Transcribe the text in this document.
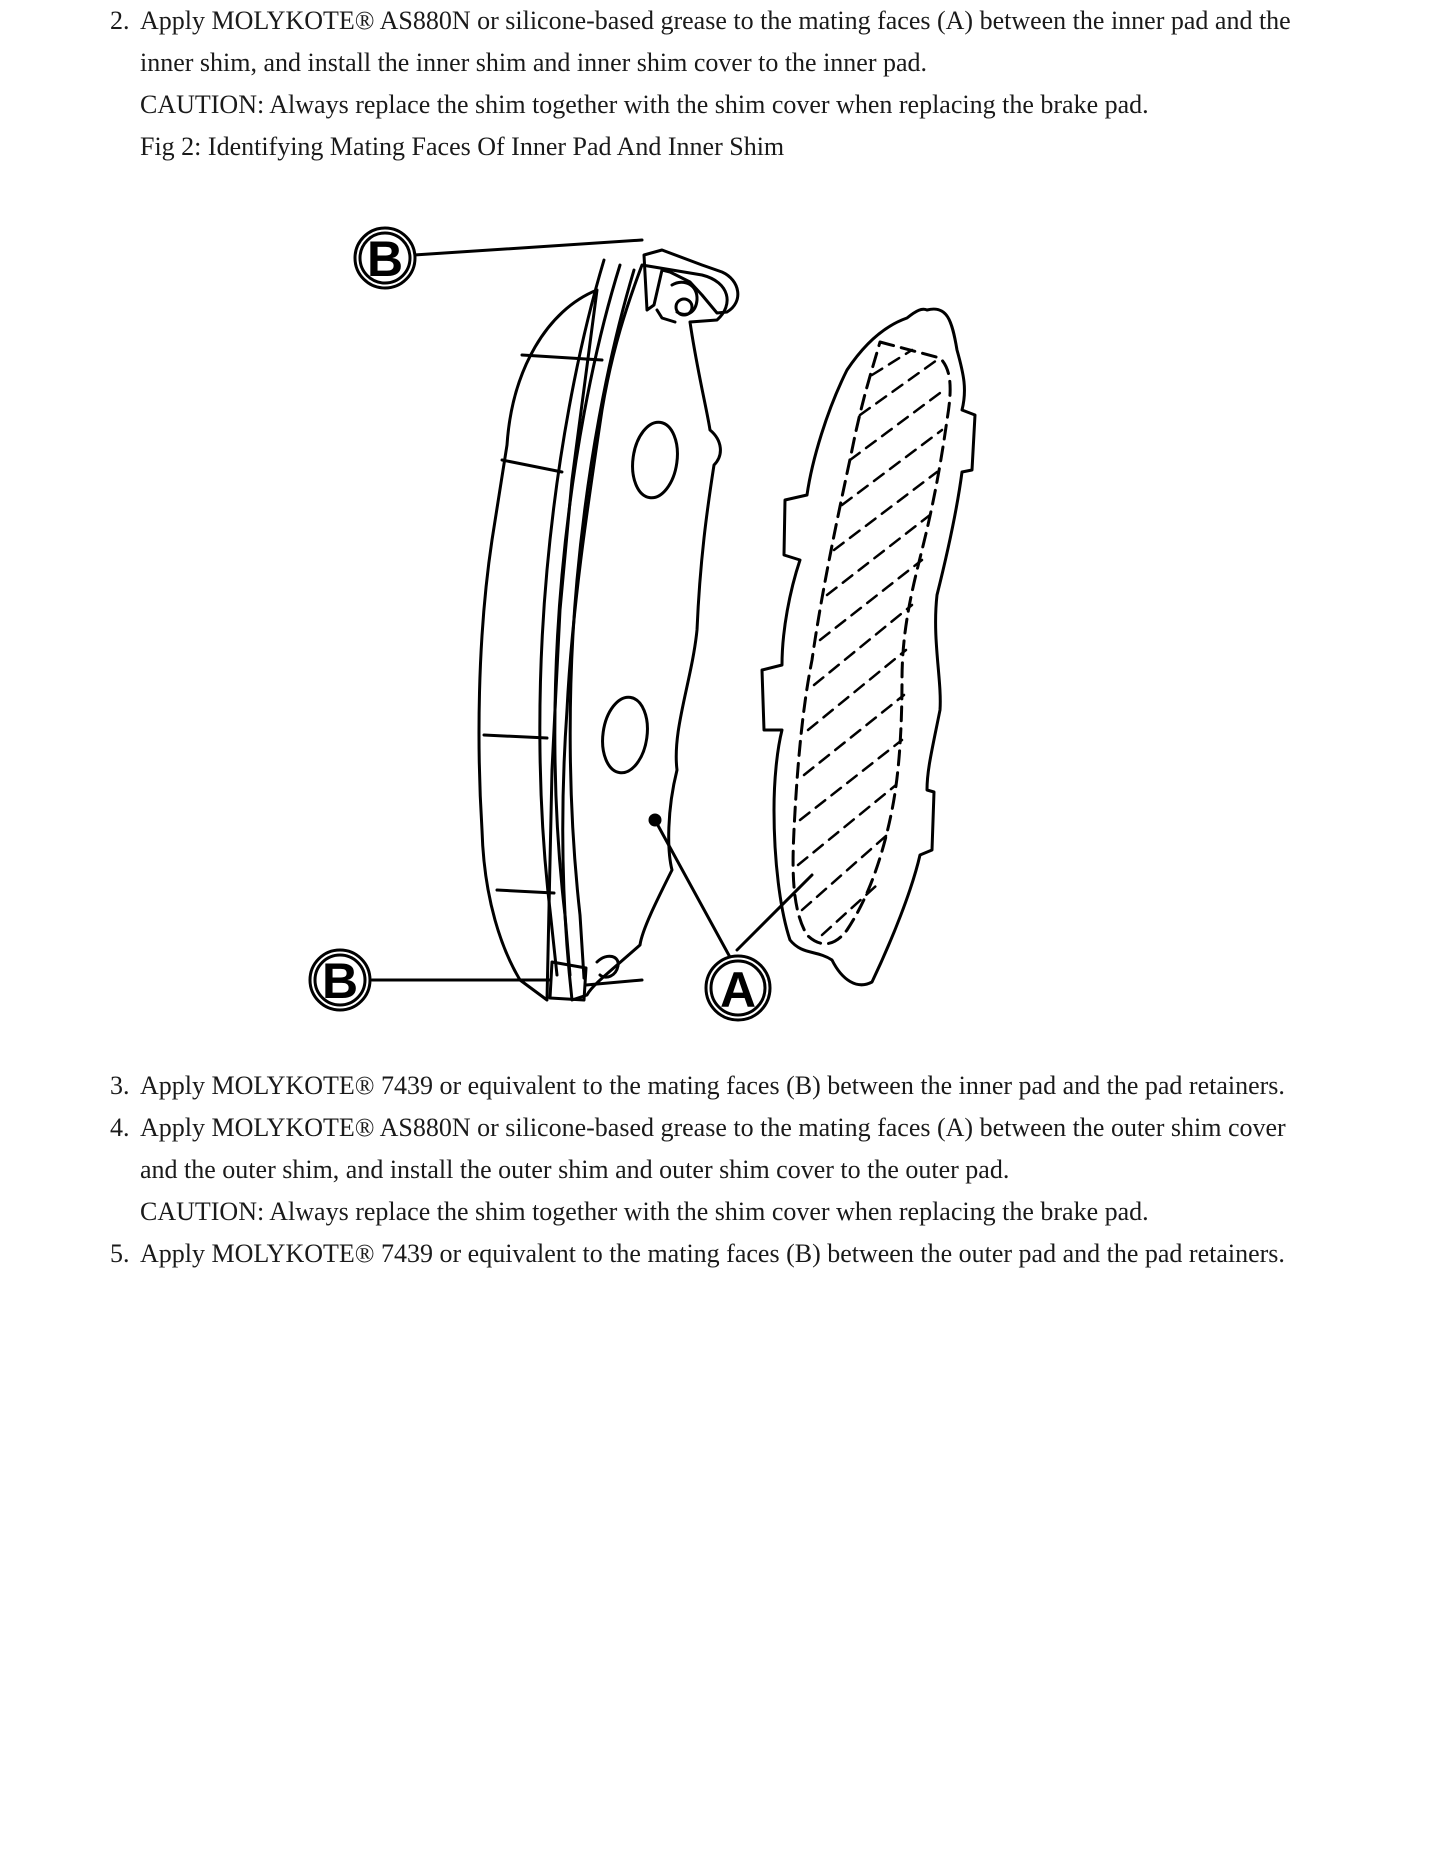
2. Apply MOLYKOTE® AS880N or silicone-based grease to the mating faces (A) between the inner pad and the
inner shim, and install the inner shim and inner shim cover to the inner pad.
CAUTION: Always replace the shim together with the shim cover when replacing the brake pad.
Fig 2: Identifying Mating Faces Of Inner Pad And Inner Shim
B
B	A
3. Apply MOLYKOTE® 7439 or equivalent to the mating faces (B) between the inner pad and the pad retainers.
4. Apply MOLYKOTE® AS880N or silicone-based grease to the mating faces (A) between the outer shim cover
and the outer shim, and install the outer shim and outer shim cover to the outer pad.
CAUTION: Always replace the shim together with the shim cover when replacing the brake pad.
5. Apply MOLYKOTE® 7439 or equivalent to the mating faces (B) between the outer pad and the pad retainers.
